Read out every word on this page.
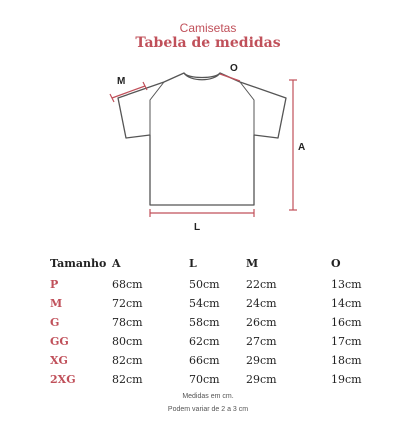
Camisetas
Tabela de medidas
M
O
A
L
Tamanho	A	L	M	O
P	68cm	50cm	22cm	13cm
M	72cm	54cm	24cm	14cm
G	78cm	58cm	26cm	16cm
GG	80cm	62cm	27cm	17cm
XG	82cm	66cm	29cm	18cm
2XG	82cm	70cm	29cm	19cm
Medidas em cm.
Podem variar de 2 a 3 cm
